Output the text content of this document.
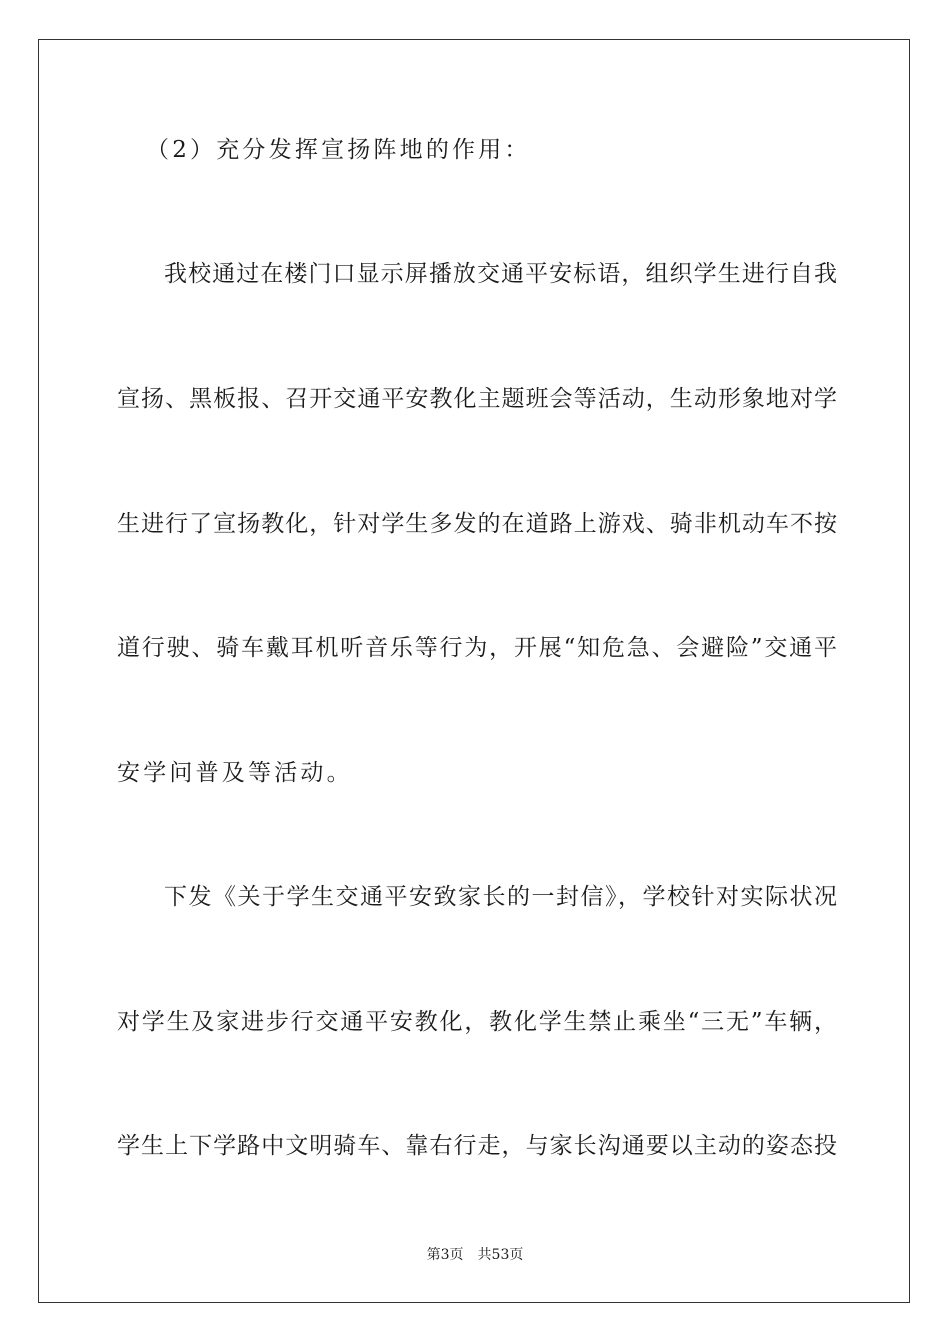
（2）充分发挥宣扬阵地的作用：
我校通过在楼门口显示屏播放交通平安标语，组织学生进行自我
宣扬、黑板报、召开交通平安教化主题班会等活动，生动形象地对学
生进行了宣扬教化，针对学生多发的在道路上游戏、骑非机动车不按
道行驶、骑车戴耳机听音乐等行为，开展“知危急、会避险”交通平
安学问普及等活动。
下发《关于学生交通平安致家长的一封信》，学校针对实际状况
对学生及家进步行交通平安教化，教化学生禁止乘坐“三无”车辆，
学生上下学路中文明骑车、靠右行走，与家长沟通要以主动的姿态投
第3页 共53页
